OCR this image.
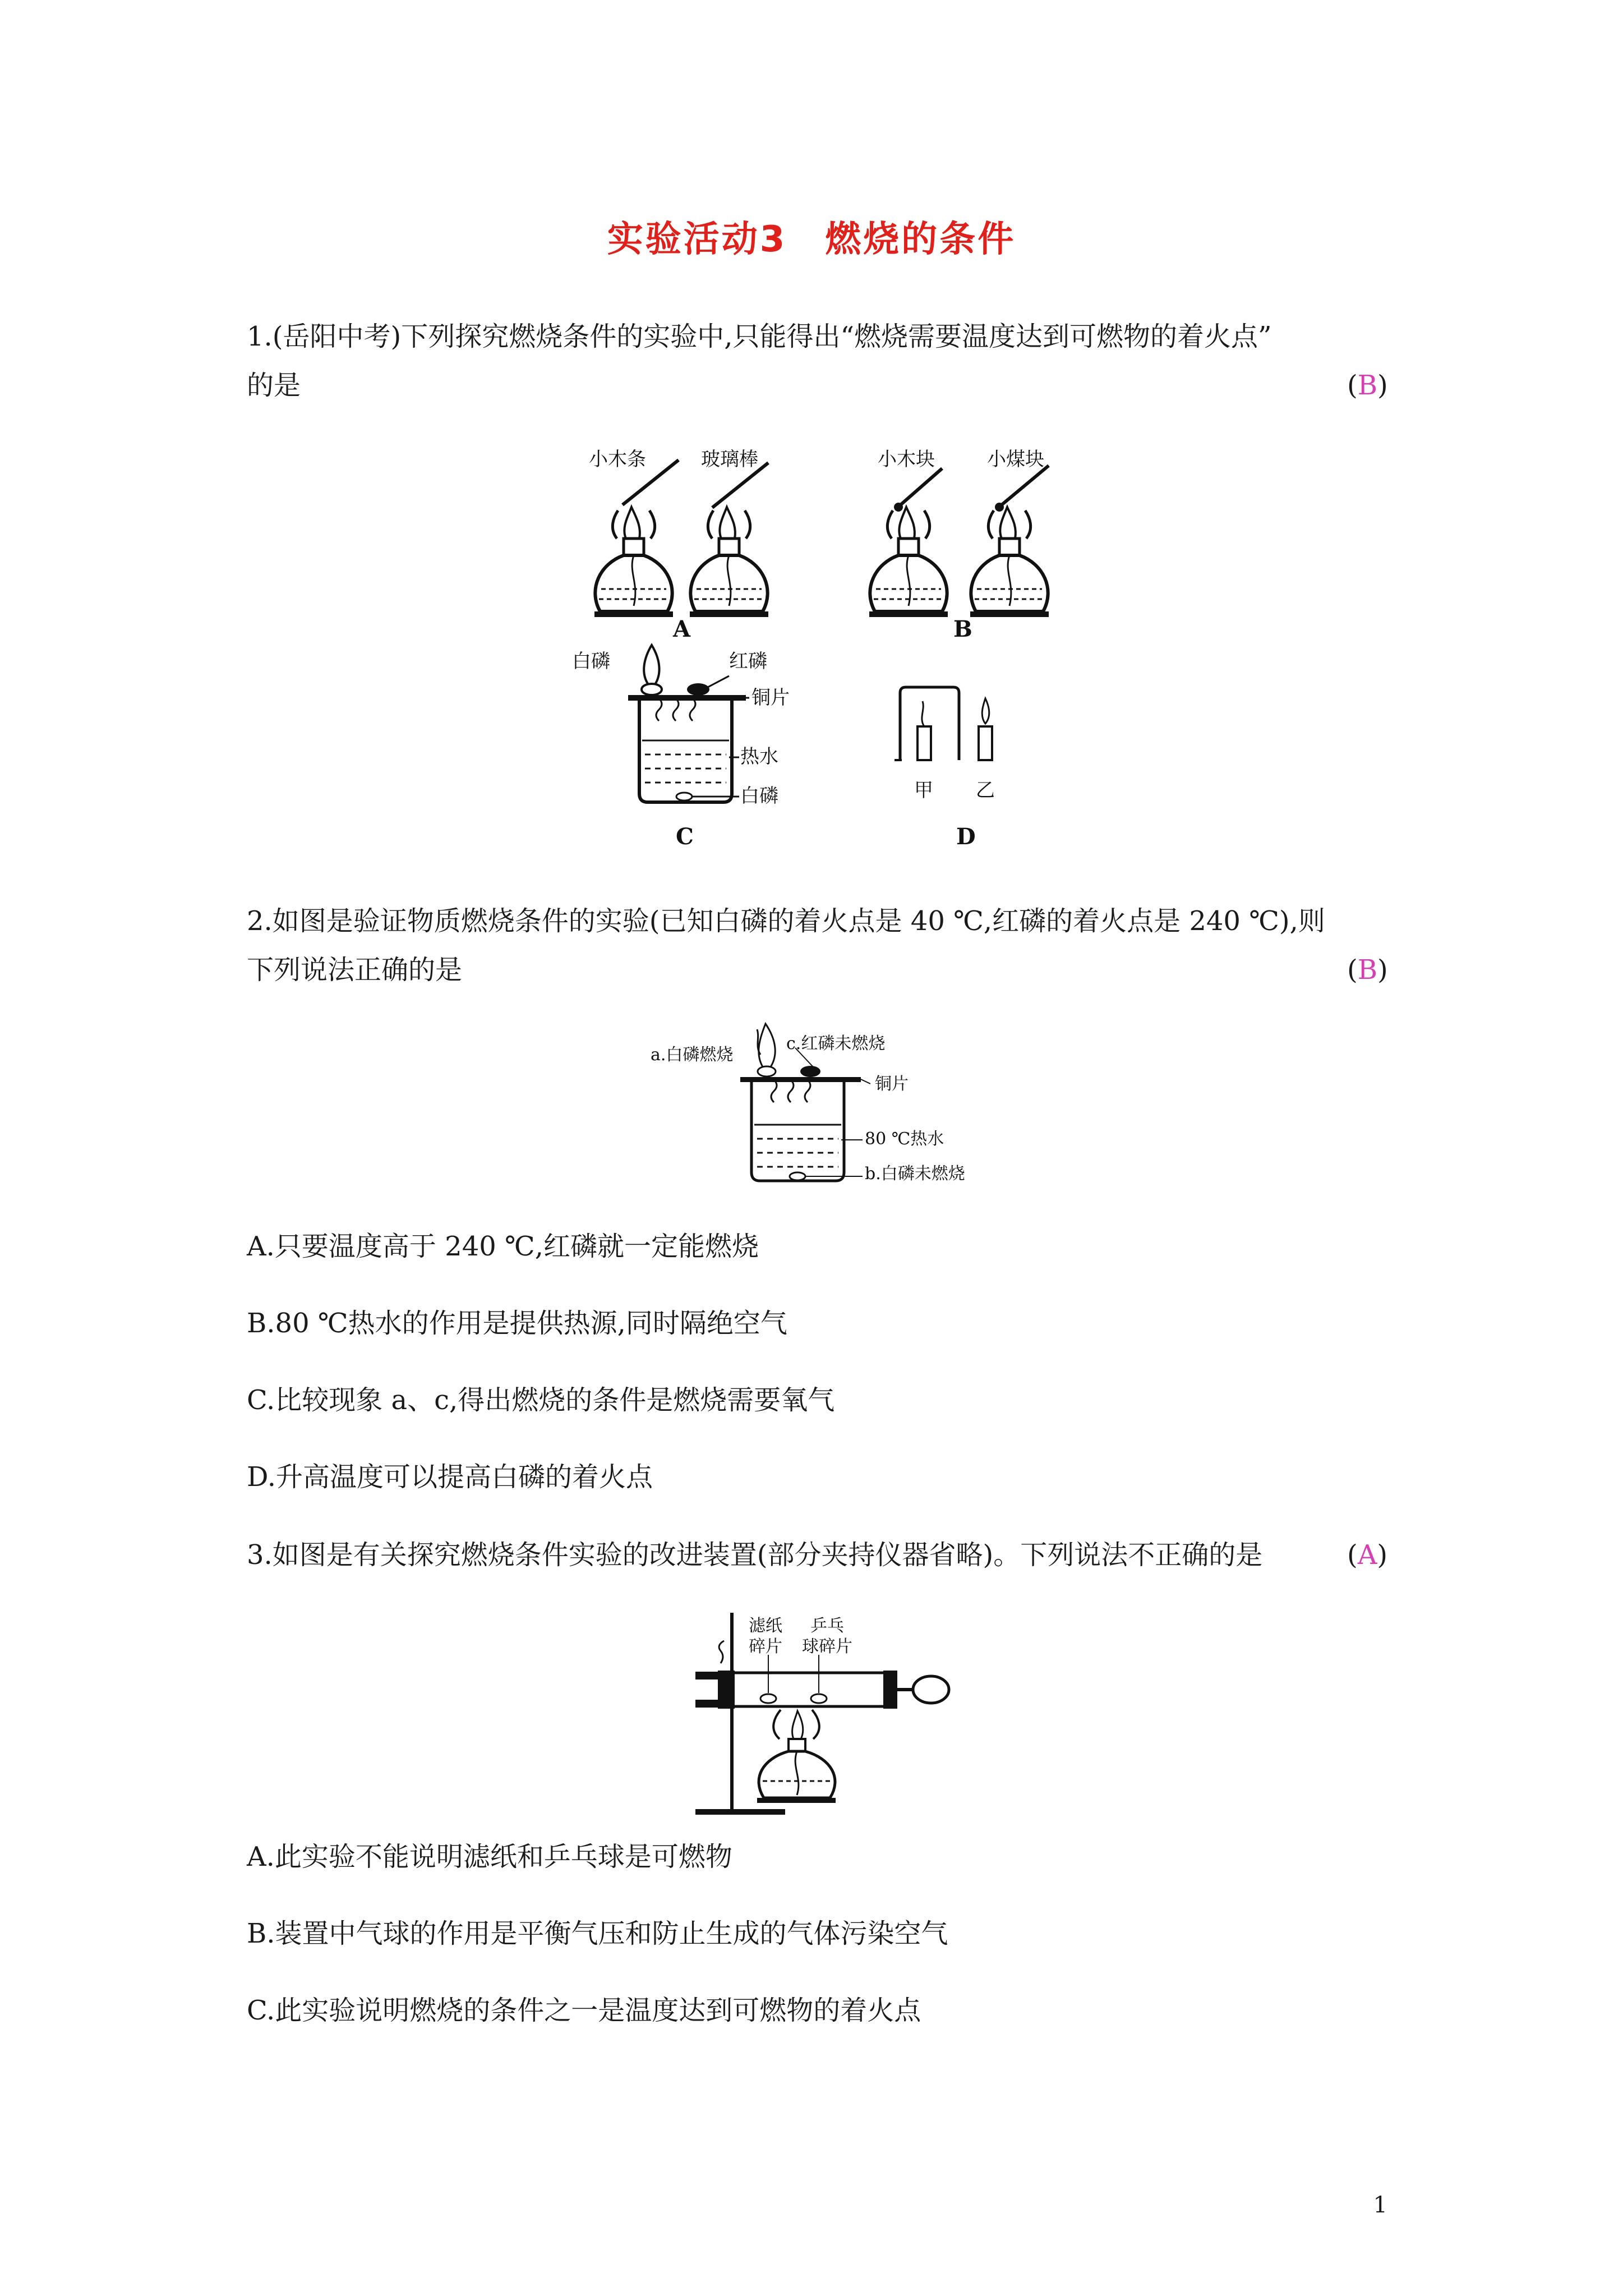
实验活动3　燃烧的条件
1.(岳阳中考)下列探究燃烧条件的实验中,只能得出“燃烧需要温度达到可燃物的着火点”
的是	(B)
小木条	玻璃棒
A
小木块	小煤块
B
白磷	红磷
铜片
热水
白磷
C
甲 乙
D
2.如图是验证物质燃烧条件的实验(已知白磷的着火点是 40 ℃,红磷的着火点是 240 ℃),则
下列说法正确的是	(B)
a.白磷燃烧
c.红磷未燃烧
铜片
80 ℃热水
b.白磷未燃烧
A.只要温度高于 240 ℃,红磷就一定能燃烧
B.80 ℃热水的作用是提供热源,同时隔绝空气
C.比较现象 a、c,得出燃烧的条件是燃烧需要氧气
D.升高温度可以提高白磷的着火点
3.如图是有关探究燃烧条件实验的改进装置(部分夹持仪器省略)。下列说法不正确的是	(A)
滤纸
碎片
乒乓
球碎片
A.此实验不能说明滤纸和乒乓球是可燃物
B.装置中气球的作用是平衡气压和防止生成的气体污染空气
C.此实验说明燃烧的条件之一是温度达到可燃物的着火点
1
